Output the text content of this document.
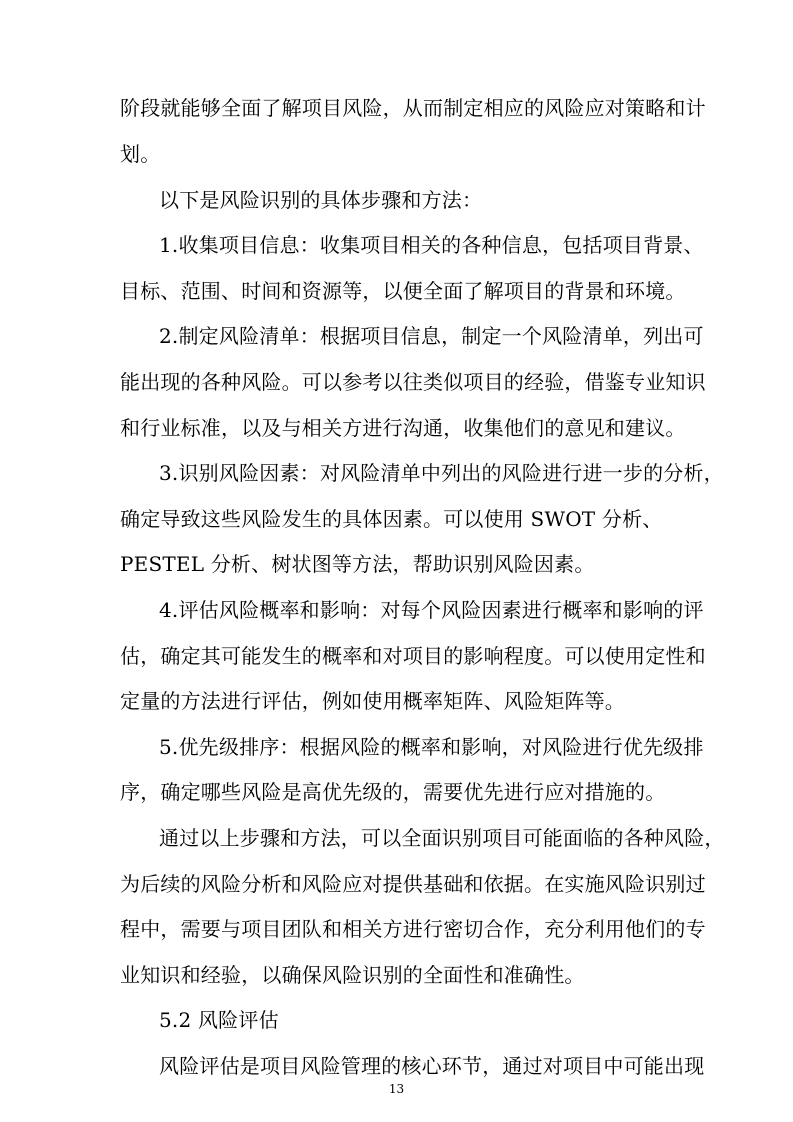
阶段就能够全面了解项目风险，从而制定相应的风险应对策略和计
划。
以下是风险识别的具体步骤和方法：
1.收集项目信息：收集项目相关的各种信息，包括项目背景、
目标、范围、时间和资源等，以便全面了解项目的背景和环境。
2.制定风险清单：根据项目信息，制定一个风险清单，列出可
能出现的各种风险。可以参考以往类似项目的经验，借鉴专业知识
和行业标准，以及与相关方进行沟通，收集他们的意见和建议。
3.识别风险因素：对风险清单中列出的风险进行进一步的分析，
确定导致这些风险发生的具体因素。可以使用 SWOT 分析、
PESTEL 分析、树状图等方法，帮助识别风险因素。
4.评估风险概率和影响：对每个风险因素进行概率和影响的评
估，确定其可能发生的概率和对项目的影响程度。可以使用定性和
定量的方法进行评估，例如使用概率矩阵、风险矩阵等。
5.优先级排序：根据风险的概率和影响，对风险进行优先级排
序，确定哪些风险是高优先级的，需要优先进行应对措施的。
通过以上步骤和方法，可以全面识别项目可能面临的各种风险，
为后续的风险分析和风险应对提供基础和依据。在实施风险识别过
程中，需要与项目团队和相关方进行密切合作，充分利用他们的专
业知识和经验，以确保风险识别的全面性和准确性。
5.2 风险评估
风险评估是项目风险管理的核心环节，通过对项目中可能出现
13
